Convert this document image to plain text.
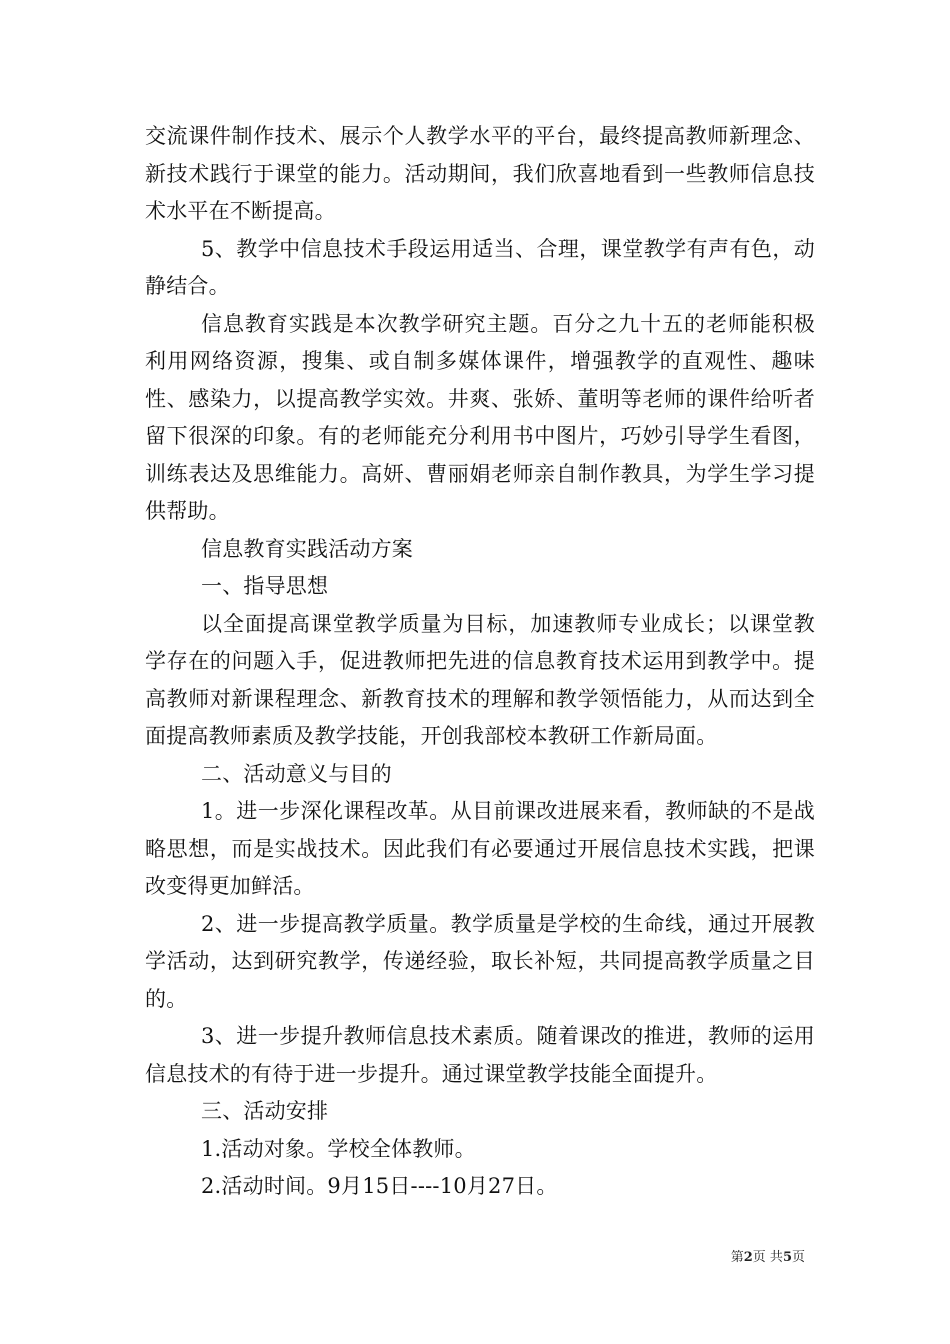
交流课件制作技术、展示个人教学水平的平台，最终提高教师新理念、新技术践行于课堂的能力。活动期间，我们欣喜地看到一些教师信息技术水平在不断提高。

5、教学中信息技术手段运用适当、合理，课堂教学有声有色，动静结合。

信息教育实践是本次教学研究主题。百分之九十五的老师能积极利用网络资源，搜集、或自制多媒体课件，增强教学的直观性、趣味性、感染力，以提高教学实效。井爽、张娇、董明等老师的课件给听者留下很深的印象。有的老师能充分利用书中图片，巧妙引导学生看图，训练表达及思维能力。高妍、曹丽娟老师亲自制作教具，为学生学习提供帮助。

信息教育实践活动方案

一、指导思想

以全面提高课堂教学质量为目标，加速教师专业成长；以课堂教学存在的问题入手，促进教师把先进的信息教育技术运用到教学中。提高教师对新课程理念、新教育技术的理解和教学领悟能力，从而达到全面提高教师素质及教学技能，开创我部校本教研工作新局面。

二、活动意义与目的

1。进一步深化课程改革。从目前课改进展来看，教师缺的不是战略思想，而是实战技术。因此我们有必要通过开展信息技术实践，把课改变得更加鲜活。

2、进一步提高教学质量。教学质量是学校的生命线，通过开展教学活动，达到研究教学，传递经验，取长补短，共同提高教学质量之目的。

3、进一步提升教师信息技术素质。随着课改的推进，教师的运用信息技术的有待于进一步提升。通过课堂教学技能全面提升。

三、活动安排

1.活动对象。学校全体教师。

2.活动时间。9月15日----10月27日。

第2页 共5页
